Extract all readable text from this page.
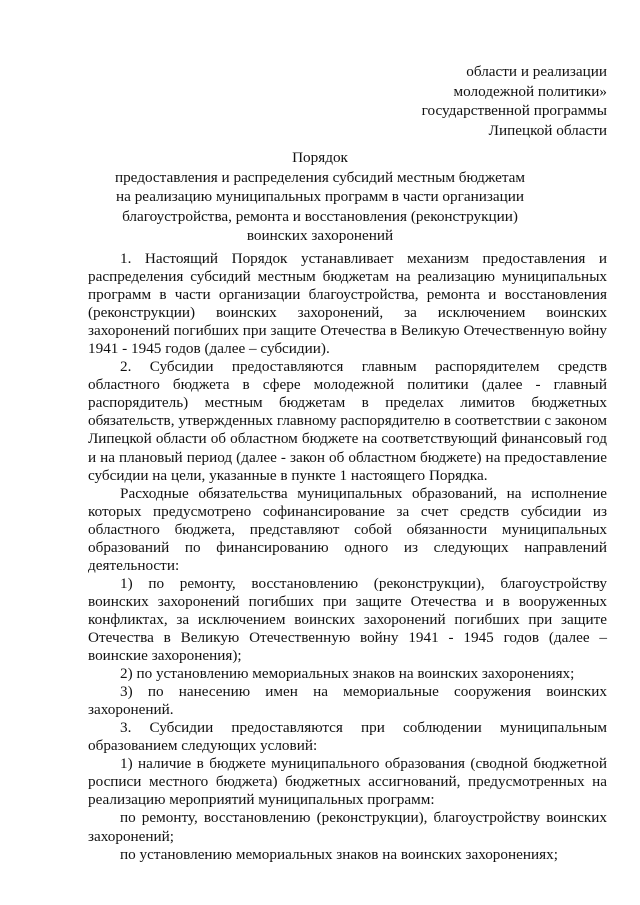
области и реализации
молодежной политики»
государственной программы
Липецкой области
Порядок
предоставления и распределения субсидий местным бюджетам
на реализацию муниципальных программ в части организации
благоустройства, ремонта и восстановления (реконструкции)
воинских захоронений

1. Настоящий Порядок устанавливает механизм предоставления и распределения субсидий местным бюджетам на реализацию муниципальных программ в части организации благоустройства, ремонта и восстановления (реконструкции) воинских захоронений, за исключением воинских захоронений погибших при защите Отечества в Великую Отечественную войну 1941 - 1945 годов (далее – субсидии).

2. Субсидии предоставляются главным распорядителем средств областного бюджета в сфере молодежной политики (далее - главный распорядитель) местным бюджетам в пределах лимитов бюджетных обязательств, утвержденных главному распорядителю в соответствии с законом Липецкой области об областном бюджете на соответствующий финансовый год и на плановый период (далее - закон об областном бюджете) на предоставление субсидии на цели, указанные в пункте 1 настоящего Порядка.

Расходные обязательства муниципальных образований, на исполнение которых предусмотрено софинансирование за счет средств субсидии из областного бюджета, представляют собой обязанности муниципальных образований по финансированию одного из следующих направлений деятельности:

1) по ремонту, восстановлению (реконструкции), благоустройству воинских захоронений погибших при защите Отечества и в вооруженных конфликтах, за исключением воинских захоронений погибших при защите Отечества в Великую Отечественную войну 1941 - 1945 годов (далее – воинские захоронения);

2) по установлению мемориальных знаков на воинских захоронениях;

3) по нанесению имен на мемориальные сооружения воинских захоронений.

3. Субсидии предоставляются при соблюдении муниципальным образованием следующих условий:

1) наличие в бюджете муниципального образования (сводной бюджетной росписи местного бюджета) бюджетных ассигнований, предусмотренных на реализацию мероприятий муниципальных программ:

по ремонту, восстановлению (реконструкции), благоустройству воинских захоронений;

по установлению мемориальных знаков на воинских захоронениях;
